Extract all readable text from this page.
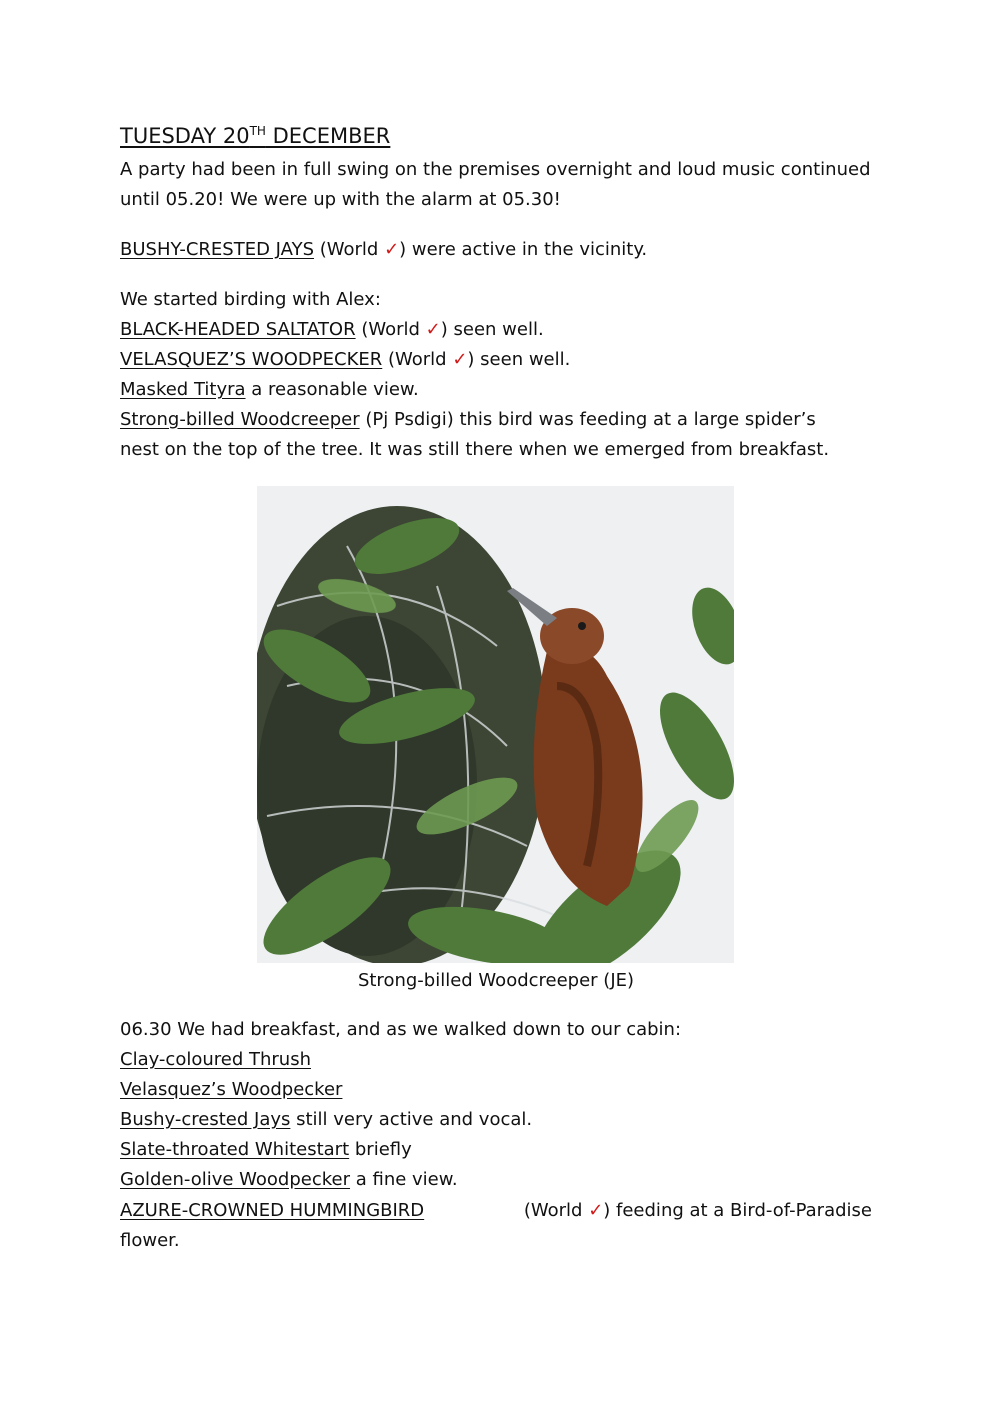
TUESDAY 20TH DECEMBER
A party had been in full swing on the premises overnight and loud music continued
until 05.20! We were up with the alarm at 05.30!
BUSHY-CRESTED JAYS (World ✓) were active in the vicinity.
We started birding with Alex:
BLACK-HEADED SALTATOR (World ✓) seen well.
VELASQUEZ’S WOODPECKER (World ✓) seen well.
Masked Tityra a reasonable view.
Strong-billed Woodcreeper (Pj Psdigi) this bird was feeding at a large spider’s
nest on the top of the tree. It was still there when we emerged from breakfast.
Strong-billed Woodcreeper (JE)
06.30 We had breakfast, and as we walked down to our cabin:
Clay-coloured Thrush
Velasquez’s Woodpecker
Bushy-crested Jays still very active and vocal.
Slate-throated Whitestart briefly
Golden-olive Woodpecker a fine view.
AZURE-CROWNED HUMMINGBIRD	(World ✓) feeding at a Bird-of-Paradise
flower.
